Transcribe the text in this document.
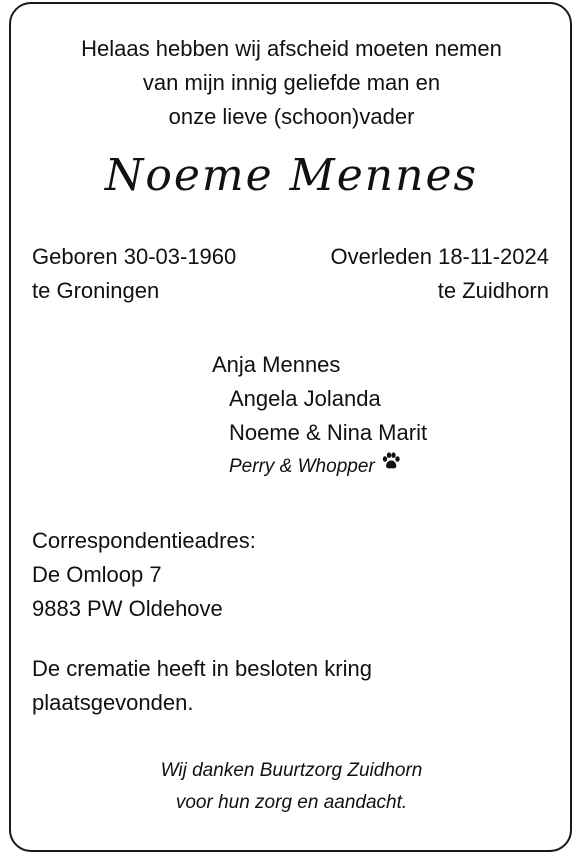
Helaas hebben wij afscheid moeten nemen
van mijn innig geliefde man en
onze lieve (schoon)vader
Noeme Mennes
Geboren 30-03-1960
te Groningen
Overleden 18-11-2024
te Zuidhorn
Anja Mennes
Angela Jolanda
Noeme & Nina Marit
Perry & Whopper
Correspondentieadres:
De Omloop 7
9883 PW Oldehove
De crematie heeft in besloten kring
plaatsgevonden.
Wij danken Buurtzorg Zuidhorn
voor hun zorg en aandacht.
